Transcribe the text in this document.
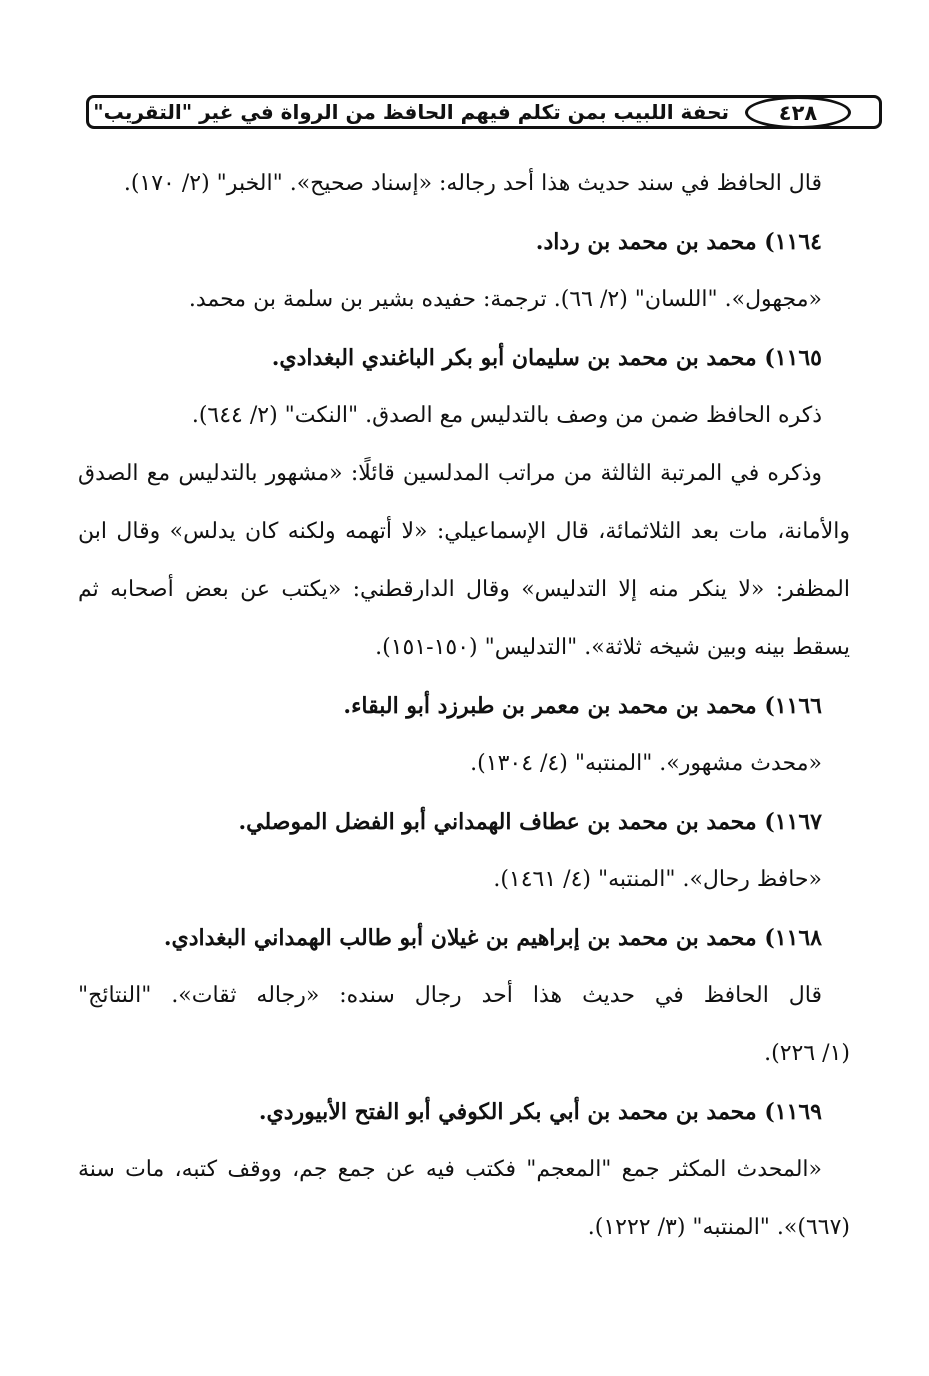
٤٢٨
تحفة اللبيب بمن تكلم فيهم الحافظ من الرواة في غير "التقريب"
قال الحافظ في سند حديث هذا أحد رجاله: «إسناد صحيح». "الخبر" (٢/ ١٧٠).
١١٦٤) محمد بن محمد بن رداد.
«مجهول». "اللسان" (٢/ ٦٦). ترجمة: حفيده بشير بن سلمة بن محمد.
١١٦٥) محمد بن محمد بن سليمان أبو بكر الباغندي البغدادي.
ذكره الحافظ ضمن من وصف بالتدليس مع الصدق. "النكت" (٢/ ٦٤٤).
وذكره في المرتبة الثالثة من مراتب المدلسين قائلًا: «مشهور بالتدليس مع الصدق
والأمانة، مات بعد الثلاثمائة، قال الإسماعيلي: «لا أتهمه ولكنه كان يدلس» وقال ابن
المظفر: «لا ينكر منه إلا التدليس» وقال الدارقطني: «يكتب عن بعض أصحابه ثم
يسقط بينه وبين شيخه ثلاثة». "التدليس" (١٥٠-١٥١).
١١٦٦) محمد بن محمد بن معمر بن طبرزد أبو البقاء.
«محدث مشهور». "المنتبه" (٤/ ١٣٠٤).
١١٦٧) محمد بن محمد بن عطاف الهمداني أبو الفضل الموصلي.
«حافظ رحال». "المنتبه" (٤/ ١٤٦١).
١١٦٨) محمد بن محمد بن إبراهيم بن غيلان أبو طالب الهمداني البغدادي.
قال الحافظ في حديث هذا أحد رجال سنده: «رجاله ثقات». "النتائج"
(١/ ٢٢٦).
١١٦٩) محمد بن محمد بن أبي بكر الكوفي أبو الفتح الأبيوردي.
«المحدث المكثر جمع "المعجم" فكتب فيه عن جمع جم، ووقف كتبه، مات سنة
(٦٦٧)». "المنتبه" (٣/ ١٢٢٢).
